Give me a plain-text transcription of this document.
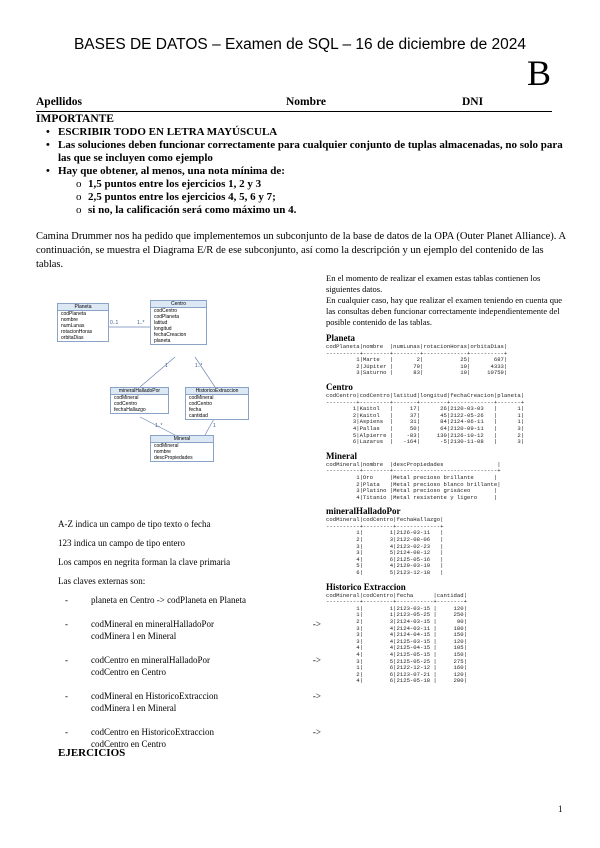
BASES DE DATOS – Examen de SQL – 16 de diciembre de 2024
B
Apellidos	Nombre	DNI
IMPORTANTE
• ESCRIBIR TODO EN LETRA MAYÚSCULA
• Las soluciones deben funcionar correctamente para cualquier conjunto de tuplas almacenadas, no solo para las que se incluyen como ejemplo
• Hay que obtener, al menos, una nota mínima de:
o 1,5 puntos entre los ejercicios 1, 2 y 3
o 2,5 puntos entre los ejercicios 4, 5, 6 y 7;
o si no, la calificación será como máximo un 4.
Camina Drummer nos ha pedido que implementemos un subconjunto de la base de datos de la OPA (Outer Planet Alliance). A continuación, se muestra el Diagrama E/R de ese subconjunto, así como la descripción y un ejemplo del contenido de las tablas.
0..1	1..*
1	1..*
1..*	1
Planeta
codPlaneta
nombre
numLunas
rotacionHoras
orbitaDias
Centro
codCentro
codPlaneta
latitud
longitud
fechaCreacion
planeta
mineralHalladoPor
codMineral
codCentro
fechaHallazgo
HistoricoExtraccion
codMineral
codCentro
fecha
cantidad
Mineral
codMineral
nombre
descPropiedades

A-Z indica un campo de tipo texto o fecha

123 indica un campo de tipo entero

Los campos en negrita forman la clave primaria

Las claves externas son:

-	planeta en Centro -> codPlaneta en Planeta
-	codMineral en mineralHalladoPor	->

codMinera l en Mineral
-	codCentro en mineralHalladoPor	->

codCentro en Centro
-	codMineral en HistoricoExtraccion	->

codMinera l en Mineral
-	codCentro en HistoricoExtraccion	->

codCentro en Centro
EJERCICIOS
En el momento de realizar el examen estas tablas contienen los siguientes datos.
En cualquier caso, hay que realizar el examen teniendo en cuenta que las consultas deben funcionar correctamente independientemente del posible contenido de las tablas.
Planeta
codPlaneta|nombre  |numLunas|rotacionHoras|orbitaDias|
----------+--------+--------+-------------+----------+
1|Marte   |       2|           25|       687|
2|Júpiter |      79|           10|      4333|
3|Saturno |      83|           10|     10759|
Centro
codCentro|codCentro|latitud|longitud|fechaCreacion|planeta|
---------+---------+-------+--------+-------------+-------+
1|Kaitol   |     17|      26|2120-03-03   |      1|
2|Kaitol   |     37|      45|2122-05-26   |      1|
3|Aspiens  |     31|      84|2124-06-11   |      1|
4|Pallas   |     50|      64|2120-09-11   |      3|
5|Alpierre |    -83|     130|2126-10-12   |      2|
6|Lazarus  |   -164|      -5|2130-11-08   |      3|
Mineral
codMineral|nombre  |descPropiedades                |
----------+--------+-------------------------------+
1|Oro     |Metal precioso brillante      |
2|Plata   |Metal precioso blanco brillante|
3|Platino |Metal precioso grisáceo       |
4|Titanio |Metal resistente y ligero     |
mineralHalladoPor
codMineral|codCentro|fechaHallazgo|
----------+---------+-------------+
1|        1|2126-03-11   |
2|        3|2122-08-06   |
3|        4|2123-02-23   |
3|        5|2124-08-12   |
4|        6|2125-05-16   |
5|        4|2129-03-19   |
6|        5|2123-12-18   |
Historico Extraccion
codMineral|codCentro|fecha      |cantidad|
----------+---------+-----------+--------+
1|        1|2123-03-15 |     120|
1|        1|2123-05-25 |     250|
2|        3|2124-03-15 |      90|
3|        4|2124-03-11 |     180|
3|        4|2124-04-15 |     150|
3|        4|2125-03-15 |     120|
4|        4|2125-04-15 |     105|
4|        4|2125-05-15 |     150|
3|        5|2125-05-25 |     275|
1|        6|2122-12-12 |     160|
2|        6|2123-07-21 |     120|
4|        6|2125-05-18 |     200|
1
